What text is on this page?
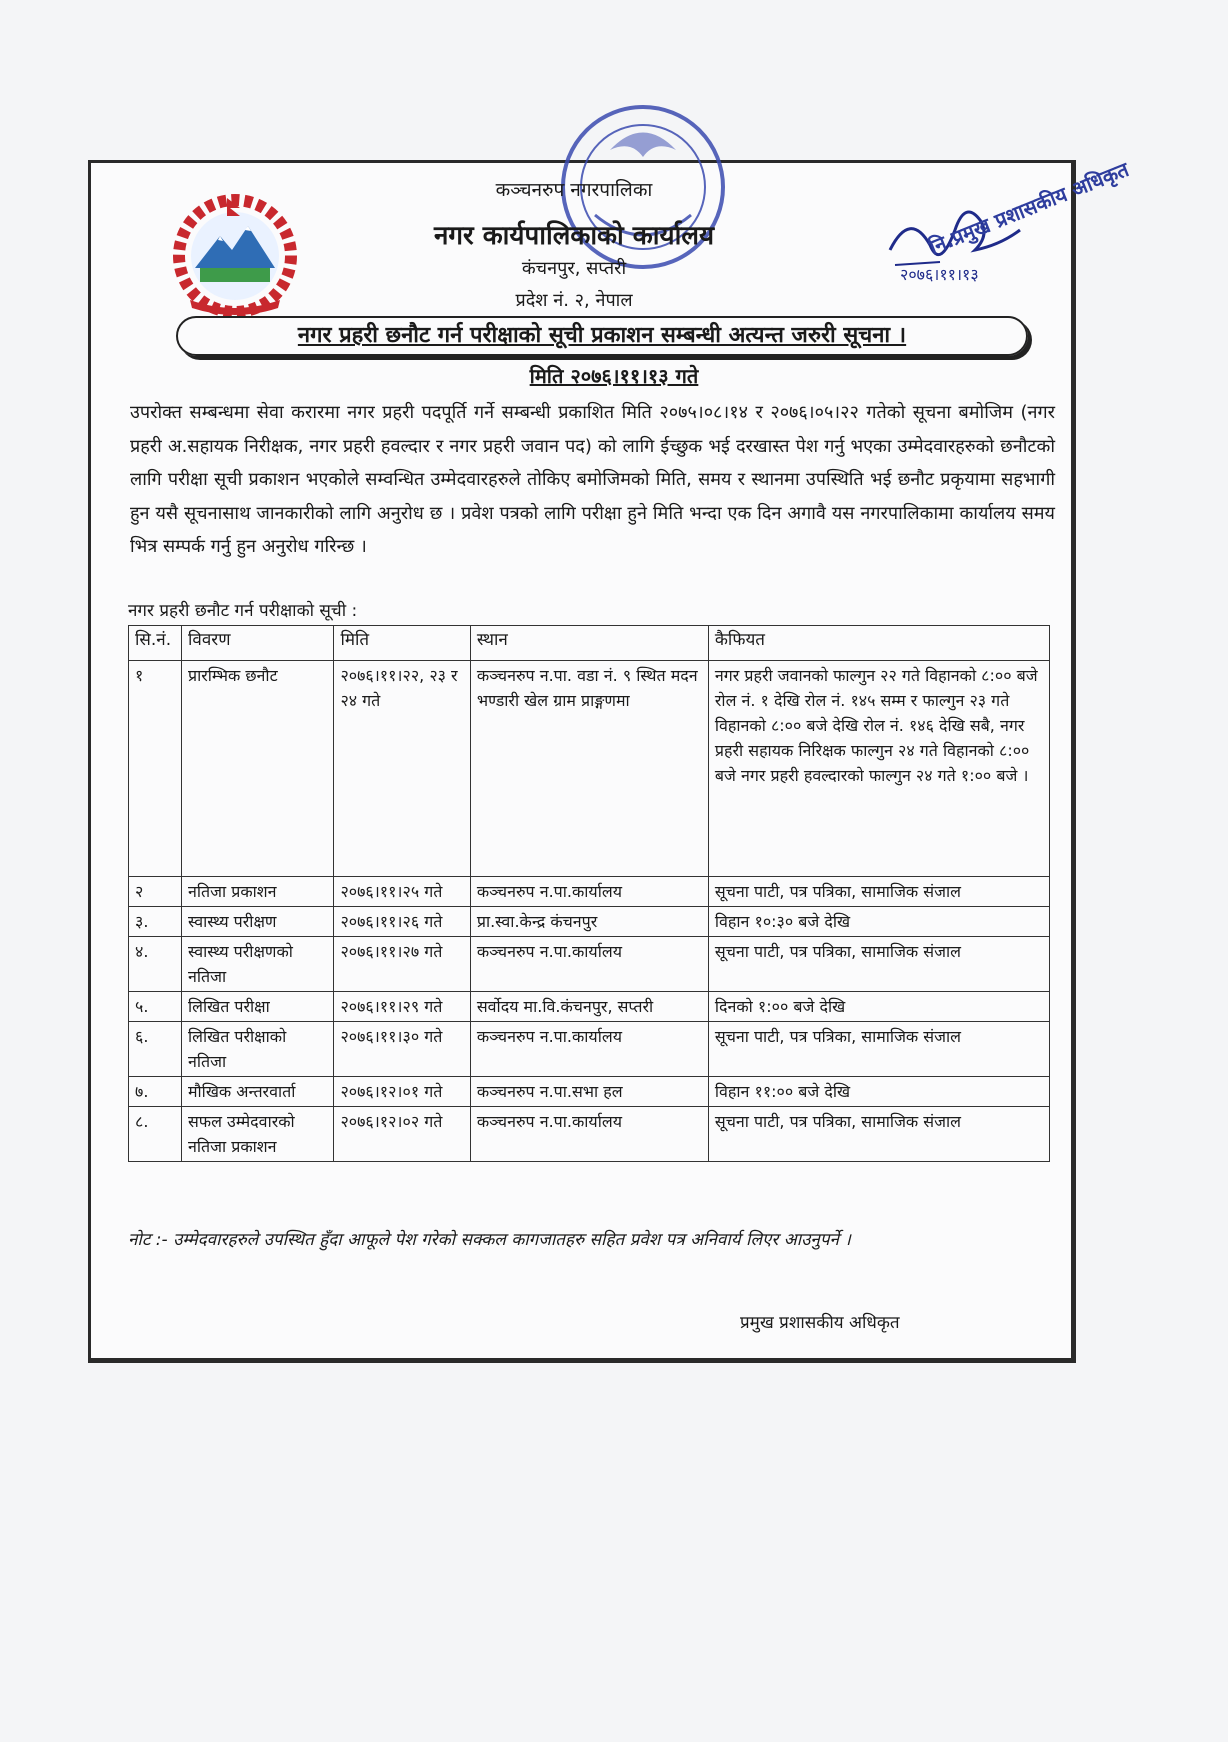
२०७६।११।१३
नि.प्रमुख प्रशासकीय अधिकृत
कञ्चनरुप नगरपालिका
नगर कार्यपालिकाको कार्यालय
कंचनपुर, सप्तरी
प्रदेश नं. २, नेपाल
नगर प्रहरी छनौट गर्न परीक्षाको सूची प्रकाशन सम्बन्धी अत्यन्त जरुरी सूचना ।
मिति २०७६।११।१३ गते
उपरोक्त सम्बन्धमा सेवा करारमा नगर प्रहरी पदपूर्ति गर्ने सम्बन्धी प्रकाशित मिति २०७५।०८।१४ र २०७६।०५।२२ गतेको सूचना बमोजिम (नगर प्रहरी अ.सहायक निरीक्षक, नगर प्रहरी हवल्दार र नगर प्रहरी जवान पद) को लागि ईच्छुक भई दरखास्त पेश गर्नु भएका उम्मेदवारहरुको छनौटको लागि परीक्षा सूची प्रकाशन भएकोले सम्वन्धित उम्मेदवारहरुले तोकिए बमोजिमको मिति, समय र स्थानमा उपस्थिति भई छनौट प्रकृयामा सहभागी हुन यसै सूचनासाथ जानकारीको लागि अनुरोध छ । प्रवेश पत्रको लागि परीक्षा हुने मिति भन्दा एक दिन अगावै यस नगरपालिकामा कार्यालय समय भित्र सम्पर्क गर्नु हुन अनुरोध गरिन्छ ।
नगर प्रहरी छनौट गर्न परीक्षाको सूची :
सि.नं.	विवरण	मिति	स्थान	कैफियत
१	प्रारम्भिक छनौट	२०७६।११।२२, २३ र २४ गते	कञ्चनरुप न.पा. वडा नं. ९ स्थित मदन भण्डारी खेल ग्राम प्राङ्गणमा	नगर प्रहरी जवानको फाल्गुन २२ गते विहानको ८:०० बजे रोल नं. १ देखि रोल नं. १४५ सम्म र फाल्गुन २३ गते विहानको ८:०० बजे देखि रोल नं. १४६ देखि सबै, नगर प्रहरी सहायक निरिक्षक फाल्गुन २४ गते विहानको ८:०० बजे नगर प्रहरी हवल्दारको फाल्गुन २४ गते १:०० बजे ।
२	नतिजा प्रकाशन	२०७६।११।२५ गते	कञ्चनरुप न.पा.कार्यालय	सूचना पाटी, पत्र पत्रिका, सामाजिक संजाल
३.	स्वास्थ्य परीक्षण	२०७६।११।२६ गते	प्रा.स्वा.केन्द्र कंचनपुर	विहान १०:३० बजे देखि
४.	स्वास्थ्य परीक्षणको नतिजा	२०७६।११।२७ गते	कञ्चनरुप न.पा.कार्यालय	सूचना पाटी, पत्र पत्रिका, सामाजिक संजाल
५.	लिखित परीक्षा	२०७६।११।२९ गते	सर्वोदय मा.वि.कंचनपुर, सप्तरी	दिनको १:०० बजे देखि
६.	लिखित परीक्षाको नतिजा	२०७६।११।३० गते	कञ्चनरुप न.पा.कार्यालय	सूचना पाटी, पत्र पत्रिका, सामाजिक संजाल
७.	मौखिक अन्तरवार्ता	२०७६।१२।०१ गते	कञ्चनरुप न.पा.सभा हल	विहान ११:०० बजे देखि
८.	सफल उम्मेदवारको नतिजा प्रकाशन	२०७६।१२।०२ गते	कञ्चनरुप न.पा.कार्यालय	सूचना पाटी, पत्र पत्रिका, सामाजिक संजाल
नोट :- उम्मेदवारहरुले उपस्थित हुँदा आफूले पेश गरेको सक्कल कागजातहरु सहित प्रवेश पत्र अनिवार्य लिएर आउनुपर्ने ।
प्रमुख प्रशासकीय अधिकृत
